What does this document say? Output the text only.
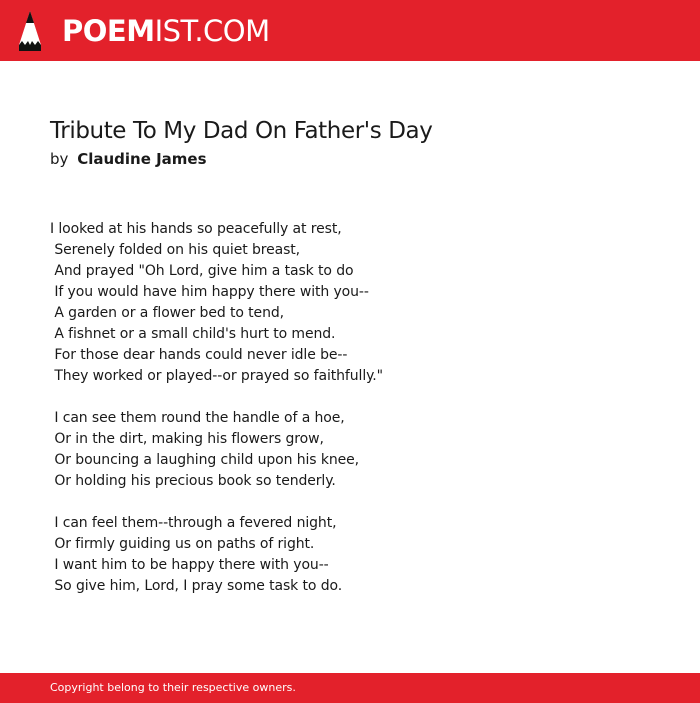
POEMIST.COM
Tribute To My Dad On Father's Day
by Claudine James
I looked at his hands so peacefully at rest,
Serenely folded on his quiet breast,
And prayed "Oh Lord, give him a task to do
If you would have him happy there with you--
A garden or a flower bed to tend,
A fishnet or a small child's hurt to mend.
For those dear hands could never idle be--
They worked or played--or prayed so faithfully."
I can see them round the handle of a hoe,
Or in the dirt, making his flowers grow,
Or bouncing a laughing child upon his knee,
Or holding his precious book so tenderly.
I can feel them--through a fevered night,
Or firmly guiding us on paths of right.
I want him to be happy there with you--
So give him, Lord, I pray some task to do.
Copyright belong to their respective owners.
